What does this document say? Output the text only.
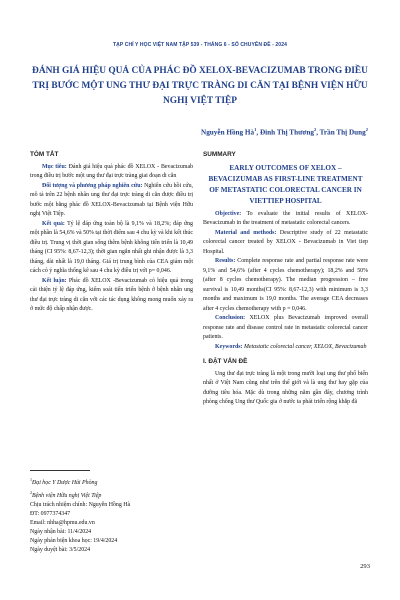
TẠP CHÍ Y HỌC VIỆT NAM TẬP 539 - THÁNG 6 - SỐ CHUYÊN ĐỀ - 2024
ĐÁNH GIÁ HIỆU QUẢ CỦA PHÁC ĐỒ XELOX-BEVACIZUMAB TRONG ĐIỀU TRỊ BƯỚC MỘT UNG THƯ ĐẠI TRỰC TRÀNG DI CĂN TẠI BỆNH VIỆN HỮU NGHỊ VIỆT TIỆP
Nguyễn Hồng $Hà^1$, Đinh Thị Thương$^2$, Trần Thị Dung$^2$
TÓM TẮT

Mục tiêu: Đánh giá hiệu quả phác đồ XELOX - Bevacizumab trong điều trị bước một ung thư đại trực tràng giai đoạn di căn

Đối tượng và phương pháp nghiên cứu: Nghiên cứu hồi cứu, mô tả trên 22 bệnh nhân ung thư đại trực tràng di căn được điều trị bước một bằng phác đồ XELOX-Bevacizumab tại Bệnh viện Hữu nghị Việt Tiệp.

Kết quả: Tỷ lệ đáp ứng toàn bộ là 9,1% và 18,2%; đáp ứng một phần là 54,6% và 50% tại thời điểm sau 4 chu kỳ và khi kết thúc điều trị. Trung vị thời gian sống thêm bệnh không tiến triển là 10,49 tháng (CI 95%: 8,67-12,3); thời gian ngắn nhất ghi nhận được là 3,3 tháng, dài nhất là 19,0 tháng. Giá trị trung bình của CEA giảm một cách có ý nghĩa thống kê sau 4 chu kỳ điều trị với p= 0,046.

Kết luận: Phác đồ XELOX -Bevacizumab có hiệu quả trong cải thiện tỷ lệ đáp ứng, kiểm soát tiến triển bệnh ở bệnh nhân ung thư đại trực tràng di căn với các tác dụng không mong muốn xảy ra ở mức độ chấp nhận được.

SUMMARY
EARLY OUTCOMES OF XELOX – BEVACIZUMAB AS FIRST-LINE TREATMENT OF METASTATIC COLORECTAL CANCER IN VIETTIEP HOSPITAL

Objective: To evaluate the initial results of XELOX-Bevacizumab in the treatment of metastatic colorectal cancers.

Material and methods: Descriptive study of 22 metastatic colorectal cancer treated by XELOX - Bevacizumab in Viet tiep Hospital.

Results: Complete response rate and partial response rate were 9,1% and 54,6% (after 4 cycles chemotherapy); 18,2% and 50% (after 8 cycles chemotherapy). The median progression – free survival is 10,49 months(CI 95%: 8,67-12,3) with minimum is 3,3 months and maximum is 19,0 months. The average CEA decreases after 4 cycles chemotherapy with p = 0,046.

Conclusion: XELOX plus Bevacizumab improved overall response rate and disease control rate in metastatic colorectal cancer patients.

Keywords: Metastatic colorectal cancer, XELOX, Bevacizumab

I. ĐẶT VẤN ĐỀ

Ung thư đại trực tràng là một trong mười loại ung thư phổ biến nhất ở Việt Nam cũng như trên thế giới và là ung thư hay gặp của đường tiêu hóa. Mặc dù trong những năm gần đây, chương trình phòng chống Ung thư Quốc gia ở nước ta phát triển rộng khắp đã

$^1$Đại học Y Dược Hải Phòng
$^2$Bệnh viện Hữu nghị Việt Tiệp
Chịu trách nhiệm chính: Nguyễn Hồng Hà
ĐT: 0977374347
Email: nhha@hpmu.edu.vn
Ngày nhận bài: 11/4/2024
Ngày phản biện khoa học: 19/4/2024
Ngày duyệt bài: 3/5/2024
293
